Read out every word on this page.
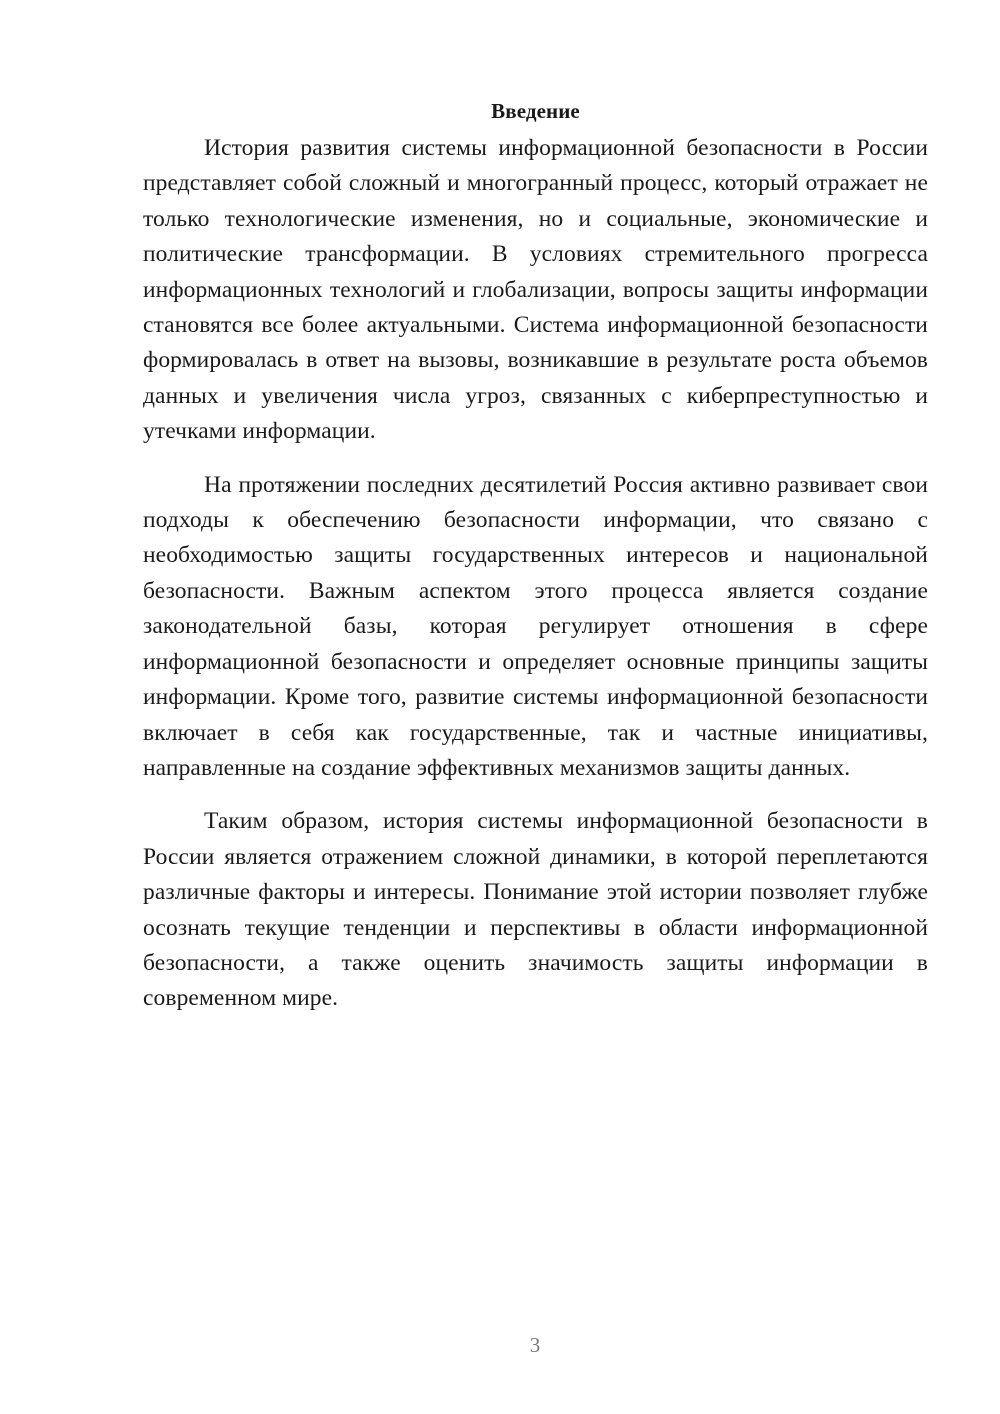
Введение

История развития системы информационной безопасности в России представляет собой сложный и многогранный процесс, который отражает не только технологические изменения, но и социальные, экономические и политические трансформации. В условиях стремительного прогресса информационных технологий и глобализации, вопросы защиты информации становятся все более актуальными. Система информационной безопасности формировалась в ответ на вызовы, возникавшие в результате роста объемов данных и увеличения числа угроз, связанных с киберпреступностью и утечками информации.

На протяжении последних десятилетий Россия активно развивает свои подходы к обеспечению безопасности информации, что связано с необходимостью защиты государственных интересов и национальной безопасности. Важным аспектом этого процесса является создание законодательной базы, которая регулирует отношения в сфере информационной безопасности и определяет основные принципы защиты информации. Кроме того, развитие системы информационной безопасности включает в себя как государственные, так и частные инициативы, направленные на создание эффективных механизмов защиты данных.

Таким образом, история системы информационной безопасности в России является отражением сложной динамики, в которой переплетаются различные факторы и интересы. Понимание этой истории позволяет глубже осознать текущие тенденции и перспективы в области информационной безопасности, а также оценить значимость защиты информации в современном мире.

3
